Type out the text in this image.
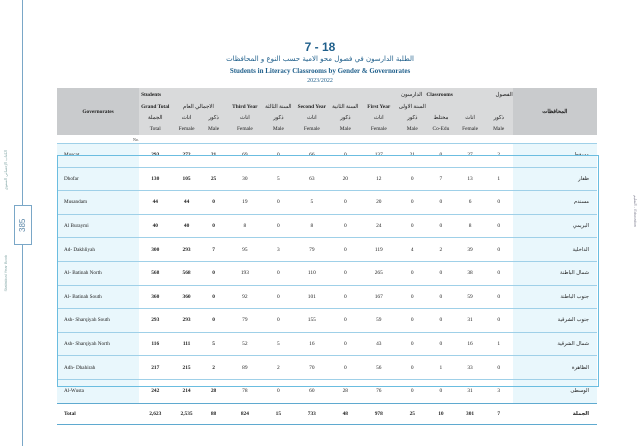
الكتاب الإحصائي السنوي
385
Statistical Year Book
التعليم - Education
7 - 18
الطلبة الدارسون في فصول محو الامية حسب النوع و المحافظات
Students in Literacy Classrooms by Gender & Governorates
2023/2022
Governorates	Students			الدارسون						Classrooms		الفصول	المحافظات
	Grand Total	الاجمالي العام		Third Year	السنة الثالثة	Second Year	السنة الثانية	First Year	السنة الاولى				
	الجملة	اناث	ذكور	اناث	ذكور	اناث	ذكور	اناث	ذكور	مختلط	اناث	ذكور	
	Total	Female	Male	Female	Male	Female	Male	Female	Male	Co-Edu	Female	Male	
No.													
Muscat	293	272	21	69	0	66	0	137	21	0	27	2	مسقط
Dhofar	130	105	25	30	5	63	20	12	0	7	13	1	ظفار
Musandam	44	44	0	19	0	5	0	20	0	0	6	0	مسندم
Al Buraymi	40	40	0	8	0	8	0	24	0	0	8	0	البريمي
Ad- Dakhliyah	300	293	7	95	3	79	0	119	4	2	39	0	الداخلية
Al- Batinah North	568	568	0	193	0	110	0	265	0	0	38	0	شمال الباطنة
Al- Batinah South	360	360	0	92	0	101	0	167	0	0	59	0	جنوب الباطنة
Ash- Sharqiyah South	293	293	0	79	0	155	0	59	0	0	31	0	جنوب الشرقية
Ash- Sharqiyah North	116	111	5	52	5	16	0	43	0	0	16	1	شمال الشرقية
Adh- Dhahirah	217	215	2	89	2	70	0	56	0	1	33	0	الظاهرة
Al-Wusta	242	214	28	78	0	60	28	76	0	0	31	3	الوسطى
Total	2,623	2,535	88	824	15	733	48	978	25	10	301	7	الجملة
